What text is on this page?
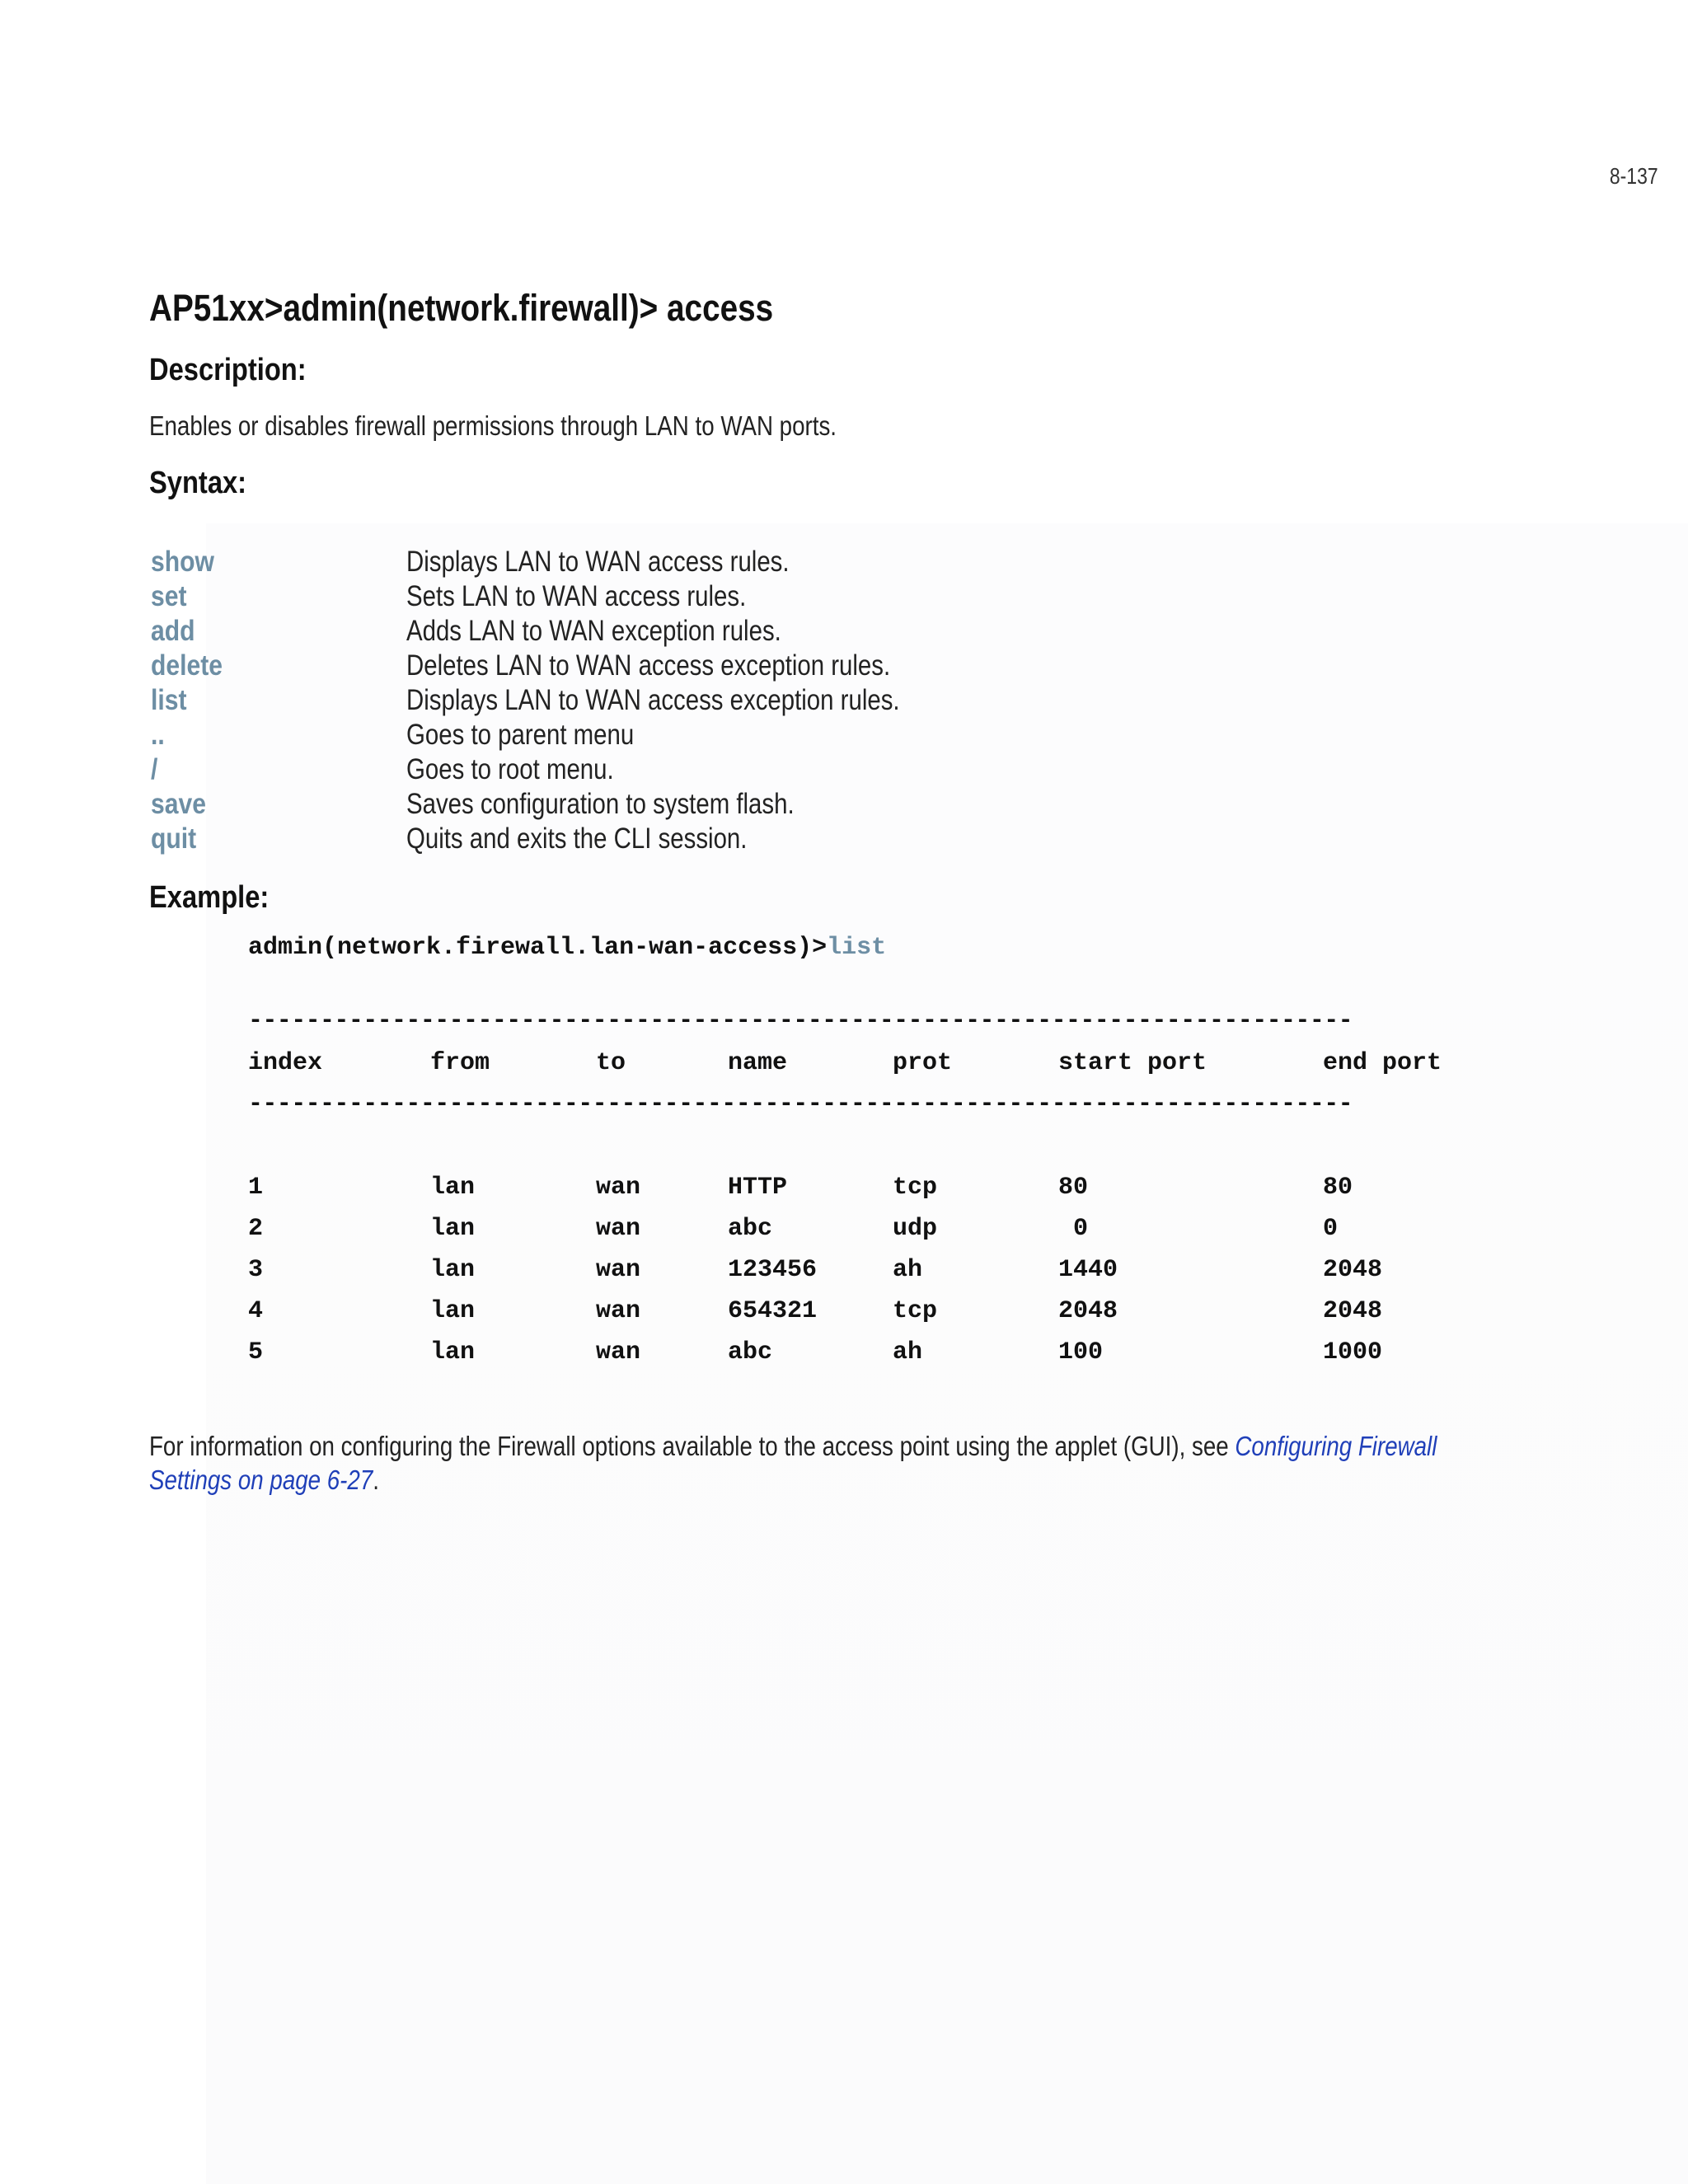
8-137
AP51xx>admin(network.firewall)> access
Description:

Enables or disables firewall permissions through LAN to WAN ports.

Syntax:
show	Displays LAN to WAN access rules.
set	Sets LAN to WAN access rules.
add	Adds LAN to WAN exception rules.
delete	Deletes LAN to WAN access exception rules.
list	Displays LAN to WAN access exception rules.
..	Goes to parent menu
/	Goes to root menu.
save	Saves configuration to system flash.
quit	Quits and exits the CLI session.
Example:
admin(network.firewall.lan-wan-access)>list
-----------------------------------------------------------------------------
index	from	to	name	prot	start port	end port
-----------------------------------------------------------------------------
1	lan	wan	HTTP	tcp	80	80
2	lan	wan	abc	udp	0	0
3	lan	wan	123456	ah	1440	2048
4	lan	wan	654321	tcp	2048	2048
5	lan	wan	abc	ah	100	1000

For information on configuring the Firewall options available to the access point using the applet (GUI), see Configuring Firewall

Settings on page 6-27.
